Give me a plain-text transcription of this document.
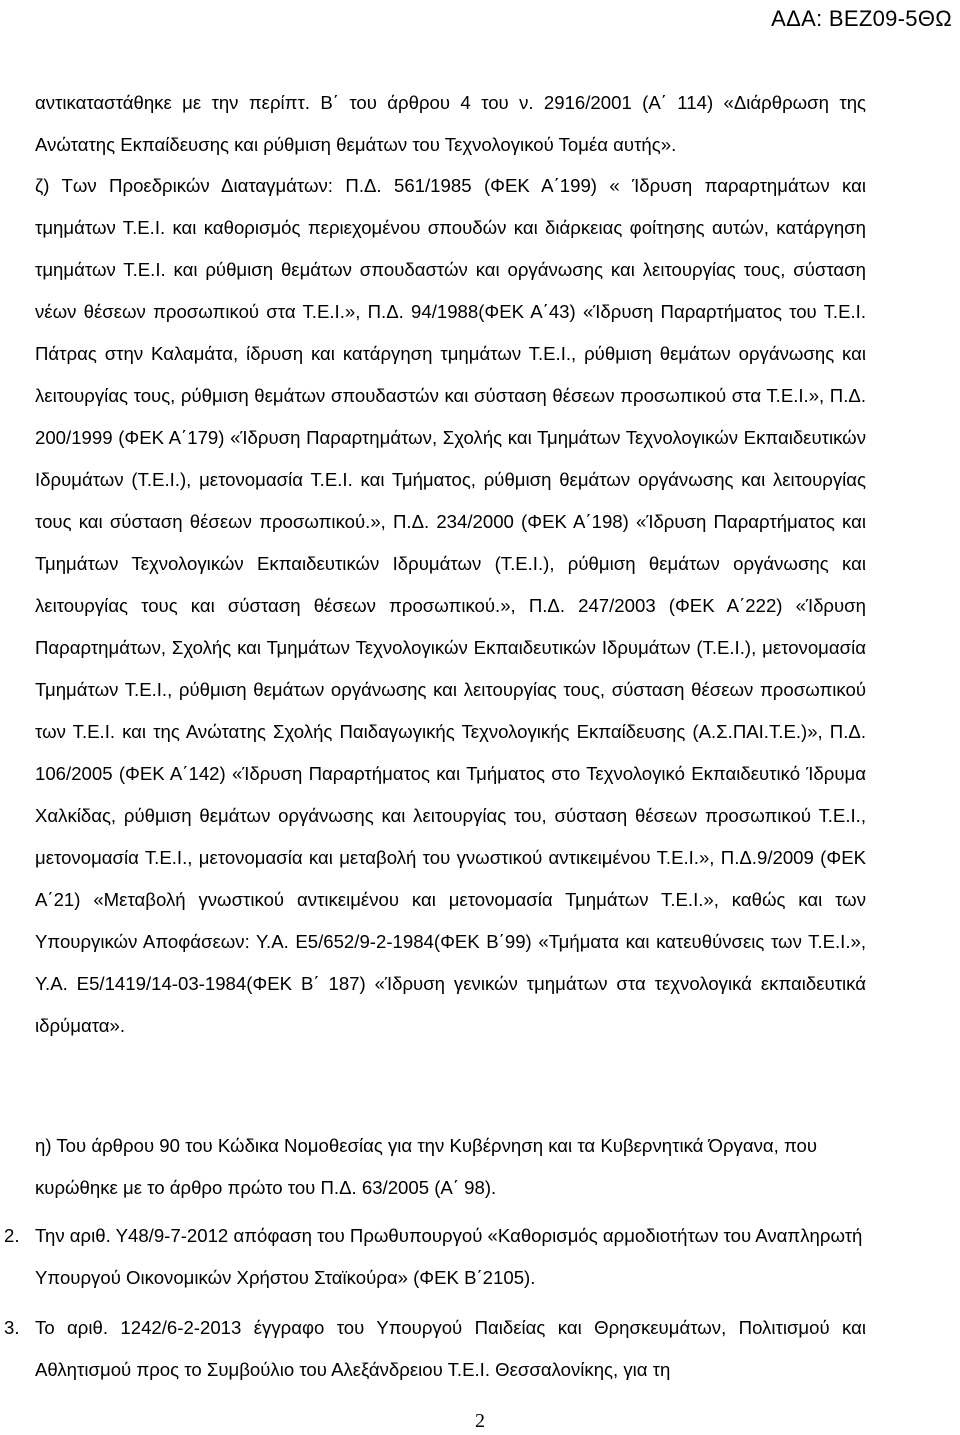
ΑΔΑ: ΒΕΖ09-5ΘΩ

αντικαταστάθηκε με την περίπτ. Β΄ του άρθρου 4 του ν. 2916/2001 (Α΄ 114) «Διάρθρωση της Ανώτατης Εκπαίδευσης και ρύθμιση θεμάτων του Τεχνολογικού Τομέα αυτής».

ζ) Των Προεδρικών Διαταγμάτων: Π.Δ. 561/1985 (ΦΕΚ Α΄199) « Ίδρυση παραρτημάτων και τμημάτων Τ.Ε.Ι. και καθορισμός περιεχομένου σπουδών και διάρκειας φοίτησης αυτών, κατάργηση τμημάτων Τ.Ε.Ι. και ρύθμιση θεμάτων σπουδαστών και οργάνωσης και λειτουργίας τους, σύσταση νέων θέσεων προσωπικού στα Τ.Ε.Ι.», Π.Δ. 94/1988(ΦΕΚ Α΄43) «Ίδρυση Παραρτήματος του Τ.Ε.Ι. Πάτρας στην Καλαμάτα, ίδρυση και κατάργηση τμημάτων Τ.Ε.Ι., ρύθμιση θεμάτων οργάνωσης και λειτουργίας τους, ρύθμιση θεμάτων σπουδαστών και σύσταση θέσεων προσωπικού στα Τ.Ε.Ι.», Π.Δ. 200/1999 (ΦΕΚ Α΄179) «Ίδρυση Παραρτημάτων, Σχολής και Τμημάτων Τεχνολογικών Εκπαιδευτικών Ιδρυμάτων (Τ.Ε.Ι.), μετονομασία Τ.Ε.Ι. και Τμήματος, ρύθμιση θεμάτων οργάνωσης και λειτουργίας τους και σύσταση θέσεων προσωπικού.», Π.Δ. 234/2000 (ΦΕΚ Α΄198) «Ίδρυση Παραρτήματος και Τμημάτων Τεχνολογικών Εκπαιδευτικών Ιδρυμάτων (Τ.Ε.Ι.), ρύθμιση θεμάτων οργάνωσης και λειτουργίας τους και σύσταση θέσεων προσωπικού.», Π.Δ. 247/2003 (ΦΕΚ Α΄222) «Ίδρυση Παραρτημάτων, Σχολής και Τμημάτων Τεχνολογικών Εκπαιδευτικών Ιδρυμάτων (Τ.Ε.Ι.), μετονομασία Τμημάτων Τ.Ε.Ι., ρύθμιση θεμάτων οργάνωσης και λειτουργίας τους, σύσταση θέσεων προσωπικού των Τ.Ε.Ι. και της Ανώτατης Σχολής Παιδαγωγικής Τεχνολογικής Εκπαίδευσης (Α.Σ.ΠΑΙ.Τ.Ε.)», Π.Δ. 106/2005 (ΦΕΚ Α΄142) «Ίδρυση Παραρτήματος και Τμήματος στο Τεχνολογικό Εκπαιδευτικό Ίδρυμα Χαλκίδας, ρύθμιση θεμάτων οργάνωσης και λειτουργίας του, σύσταση θέσεων προσωπικού Τ.Ε.Ι., μετονομασία Τ.Ε.Ι., μετονομασία και μεταβολή του γνωστικού αντικειμένου Τ.Ε.Ι.», Π.Δ.9/2009 (ΦΕΚ Α΄21) «Μεταβολή γνωστικού αντικειμένου και μετονομασία Τμημάτων Τ.Ε.Ι.», καθώς και των Υπουργικών Αποφάσεων: Υ.Α. Ε5/652/9-2-1984(ΦΕΚ Β΄99) «Τμήματα και κατευθύνσεις των Τ.Ε.Ι.», Υ.Α. Ε5/1419/14-03-1984(ΦΕΚ Β΄ 187) «Ίδρυση γενικών τμημάτων στα τεχνολογικά εκπαιδευτικά ιδρύματα».

η) Του άρθρου 90 του Κώδικα Νομοθεσίας για την Κυβέρνηση και τα Κυβερνητικά Όργανα, που κυρώθηκε με το άρθρο πρώτο του Π.Δ. 63/2005 (Α΄ 98).

2. Την αριθ. Υ48/9-7-2012 απόφαση του Πρωθυπουργού «Καθορισμός αρμοδιοτήτων του Αναπληρωτή Υπουργού Οικονομικών Χρήστου Σταϊκούρα» (ΦΕΚ Β΄2105).

3. Το αριθ. 1242/6-2-2013 έγγραφο του Υπουργού Παιδείας και Θρησκευμάτων, Πολιτισμού και Αθλητισμού προς το Συμβούλιο του Αλεξάνδρειου Τ.Ε.Ι. Θεσσαλονίκης, για τη

2
